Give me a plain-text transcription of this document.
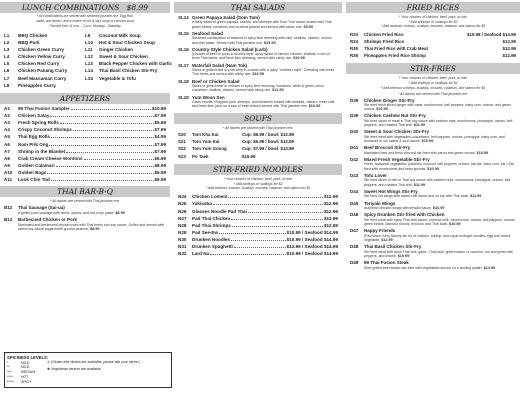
LUNCH COMBINATIONS $8.99
* All combinations are served with steamed jasmine rice, Egg Roll,
salad, and desert, and a choice of hot & sour soup or coconut soup
*Served from 11 a.m. - 3 p.m. Monday - Saturday
L1	BBQ Chicken
L2	BBQ Pork
L3	Chicken Green Curry
L4	Chicken Yellow Curry
L5	Chicken Red Curry
L6	Chicken Panang Curry
L7	Beef Massaman Curry
L8	Pineapples Curry
L9	Coconut Milk Soup
L10	Hot & Sour Chicken Soup
L11	Ginger Chicken
L12	Sweet & Sour Chicken
L13	Black Pepper Chicken with Garlic
L14	Thai Basil Chicken Stir-Fry
L15	Vegetable & Tofu
APPETIZERS
A1	99 Thai Fusion Sampler	$10.99
A2	Chicken Satay	$7.99
A3	Fresh Spring Rolls	$5.99
A4	Crispy Coconut Shrimps	$7.99
A5	Thai Egg Rolls	$4.99
A6	Nam Prik Ong	$7.99
A7	Shrimp in the Blanket	$7.99
A8	Crab Cream Cheese Wontons	$6.99
A9	Golden Calamari	$8.99
A10	Golden Bags	$6.99
A11	Look Chin Tod	$6.99
THAI BAR-B-Q
* All dishes are served with Thai jasmine rice.
B12 Thai Sausage (Sai-ua)
A grilled pork sausage with herbs, spices, and red curry paste. $8.99
B13 Barbecued Chicken or Pork
Marinated and tenderized chicken pork with Thai herbs and soy sauce. Grilled and served with sweet soy sauce topped with ground peanuts. $8.99
SPICINESS LEVELS:
*	MILD
**	MILD
***	MEDIUM
**** HOT
***** SPICY
◎(Gluten free dishes are available, please ask your server)
❀Vegetarian version are available
THAI SALADS
SL14 Green Papaya Salad (Som Tum)
A tasty salad of green papaya, carrots, and shrimps with Som Tum sauce tossed with Thai green beans, tomatoes and crushed peanut and served with sticky rice. $9.99
SL15 Seafood Salad
Steamed combination of seafood in spicy lime dressing with mint, shallots, cilantro, onions and chili paste. Served with Thai jasmine rice. $15.99
SL16 Country-Style Chicken Salad (Larb)
(choices of beef or pork) a country-style, spicy salad of minced chicken, shallots, a mix of fresh Thai herbs, and fresh lime dressing, served with sticky rice. $10.99
SL17 Waterfall Salad (Nam Tok)
Slices of grilled beef or pork strip in a salad with a spicy "northern style". Dressing with fresh Thai herbs and served with sticky rice. $10.99
SL18 Beef or Chicken Salad
Slices of grilled beef or chicken in spicy lime dressing, tomatoes, white & green onion, cucumber, shallots, cilantro, served with sticky rice. $11.99
SL19 Yum Woon Sen
Glass noodle, chopped pork, shrimps, and tomatoes tossed with shallots, cilantro, fresh chili, and fresh lime juice on a bed of fresh lettuce served with Thai jasmine rice. $10.99
SOUPS
* All dishes are served with Thai jasmine rice.
S20	Tom Kha Kai	Cup: $6.99 / bowl: $12.99
S21	Tom Yum Kai	Cup: $6.99 / bowl: $12.99
S22	Tom Yum Goong	Cup: $7.99 / bowl: $13.99
S23	Po Taek	$15.99
STIR-FRIED NOODLES
* Your choices of chicken, beef, pork, or tofu
* Add shrimps or scallops for $2
* Add seafood: shrimps, scallops, mussels, calamari, and salmon for $5
N24	Chicken Lomein	$12.99
N25	Yakisoba	$12.99
N26	Glasses Noodle Pad Thai	$12.99
N27	Pad Thai Chicken	$12.99
N28	Pad Thai Shrimps	$12.99
N29	Pad See-Ew	$10.99 / Seafood $14.99
N30	Drunken Noodles	$10.99 / Seafood $14.99
N31	Drunken Spaghetti	$12.99 / Seafood $14.99
N32	Lard Na	$10.99 / Seafood $14.99
FRIED RICES
* Your choices of chicken, beef, pork, or tofu
* Add shrimps or scallops for $2
* Add seafood: shrimps, scallops, mussels, calamari, and salmon for $5
R33	Chicken Fried Rice	$10.99 / Seafood $14.99
R34	Shrimps Fried Rice	$12.99
R35	Thai Fried Rice with Crab Meat	$12.99
R36	Pineapples Fried Rice Shrimp	$12.99
STIR-FRIES
* Your choices of chicken, beef, pork, or tofu
* Add shrimps or scallops for $2
* Add seafood: shrimps, scallops, mussels, calamari, and salmon for $5
* All dishes are served with Thai jasmine rice.
D38 Chicken Ginger Stir-Fry
Stir fried fresh sliced ginger with meat, mushrooms, bell peppers, baby corn, onions, and green onions. $10.99
D39 Chicken Cashew Nut Stir-Fry
Stir-fried slices of meat in Thai soy sauce with cashew nuts, mushrooms, pineapple, onions, bell peppers, and roasted Thai chili. $11.99
D40 Sweet & Sour Chicken Stir-Fry
Stir fried meat with vegetables-cucumbers, bell peppers, onions, pineapple, baby corn, and tomatoes in our sweet & sour sauce. $10.99
D41 Beef Broccoli Stir-Fry
Marinated beef and fresh broccoli stir-fried with carrot and green onions. $10.99
D42 Mixed Fresh Vegetable Stir-Fry
Fresh, seasonal vegetables (zucchini, broccoli, bell peppers, onions, carrots, baby corn, etc.) Stir fried with mushrooms and bean sprouts. $10.99
D43 Tofu Lover
Stir fried slices of tofu in Thai soy sauce with cashew nuts, mushrooms, pineapple, onions, bell peppers, and roasted Thai chili. $11.99
D44 Sweet Hot Wings Stir-Fry
Stir fried hot wings with sweet chili sauce and on top with Thai basil. $11.99
D45 Teriyaki Wings
Authentic chicken wings with teriyaki sauce. $10.99
D46 Spicy Drunken Stir-fried with Chicken
Stir fried meat with spicy Thai chili-sauce, coconut milk, mushrooms, onions, bell peppers, carrots, green beans, bamboo shoots, broccoli, and Thai basil. $10.99
D47 Happy Friends
(Pad Woon Sen) Savory stir fry of chicken, shrimp, and squid w/Angel noodles, egg and mixed vegetable. $12.99
D48 Thai Basil Chicken Stir-Fry
Stir fried meat with fresh Thai chili, garlic, Thai basil, green beans or zucchini, red and green bell peppers, and onions. $10.99
D49 99 Thai Fusion Steak
Slice grilled beef steaks stir-fried with vegetables served on a sizzling platter. $14.99
